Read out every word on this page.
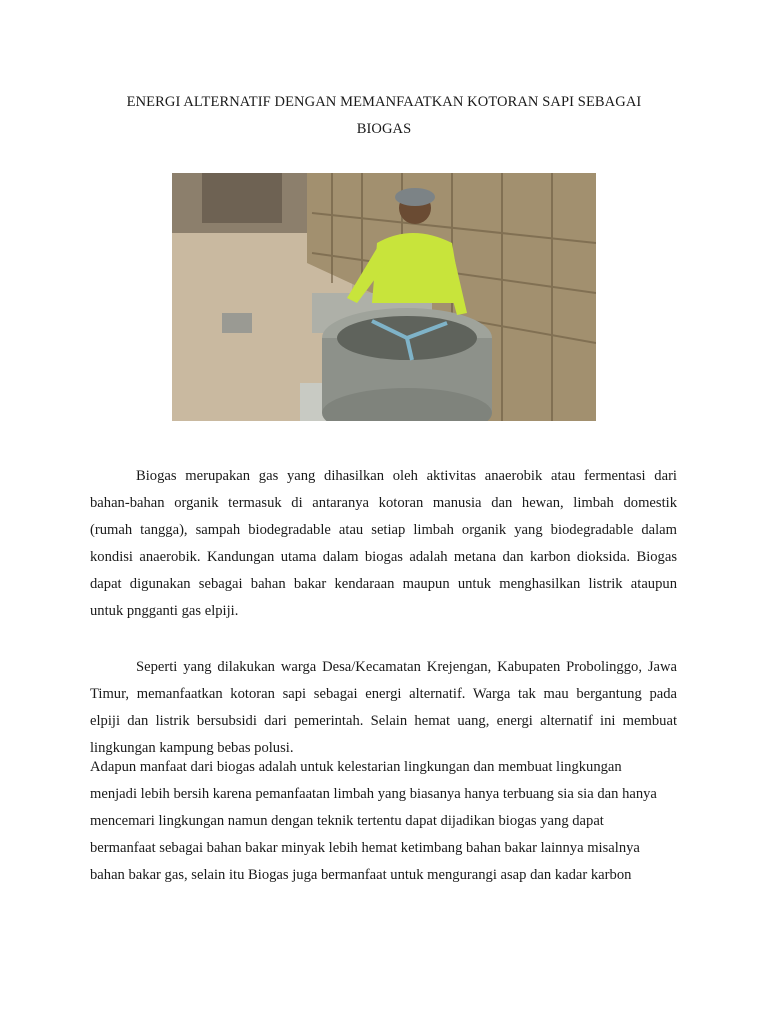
ENERGI ALTERNATIF DENGAN MEMANFAATKAN KOTORAN SAPI SEBAGAI
BIOGAS
Biogas merupakan gas yang dihasilkan oleh aktivitas anaerobik atau fermentasi dari
bahan-bahan organik termasuk di antaranya kotoran manusia dan hewan, limbah domestik
(rumah tangga), sampah biodegradable atau setiap limbah organik yang biodegradable dalam
kondisi anaerobik. Kandungan utama dalam biogas adalah metana dan karbon dioksida. Biogas
dapat digunakan sebagai bahan bakar kendaraan maupun untuk menghasilkan listrik ataupun
untuk pngganti gas elpiji.
Seperti yang dilakukan warga Desa/Kecamatan Krejengan, Kabupaten Probolinggo, Jawa
Timur, memanfaatkan kotoran sapi sebagai energi alternatif. Warga tak mau bergantung pada
elpiji dan listrik bersubsidi dari pemerintah. Selain hemat uang, energi alternatif ini membuat
lingkungan kampung bebas polusi.
Adapun manfaat dari biogas adalah untuk kelestarian lingkungan dan membuat lingkungan
menjadi lebih bersih karena pemanfaatan limbah yang biasanya hanya terbuang sia sia dan hanya
mencemari lingkungan namun dengan teknik tertentu dapat dijadikan biogas yang dapat
bermanfaat sebagai bahan bakar minyak lebih hemat ketimbang bahan bakar lainnya misalnya
bahan bakar gas, selain itu Biogas juga bermanfaat untuk mengurangi asap dan kadar karbon
